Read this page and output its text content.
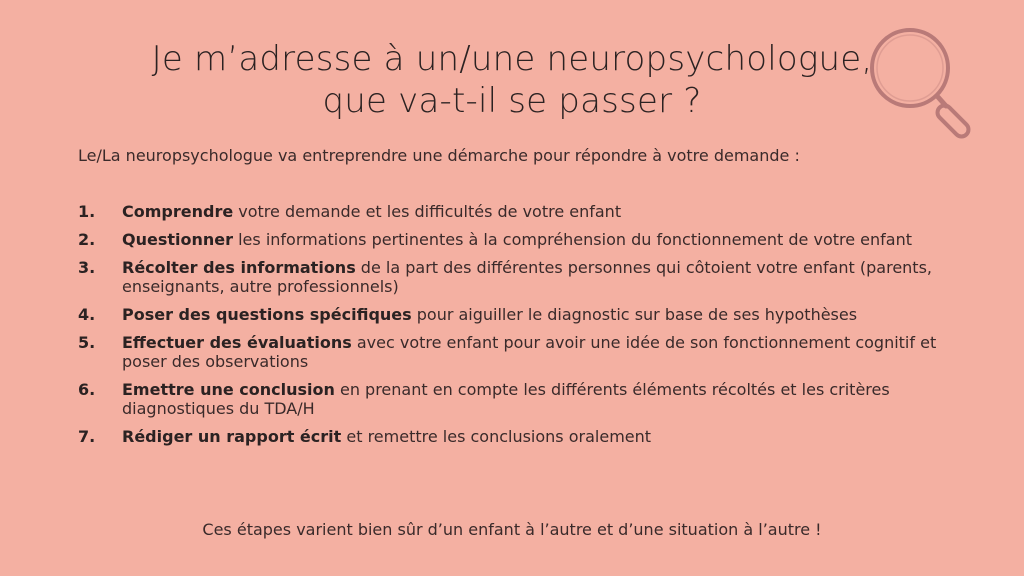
Je m’adresse à un/une neuropsychologue,
que va-t-il se passer ?
Le/La neuropsychologue va entreprendre une démarche pour répondre à votre demande :
1.	Comprendre votre demande et les difficultés de votre enfant
2.	Questionner les informations pertinentes à la compréhension du fonctionnement de votre enfant
3.	Récolter des informations de la part des différentes personnes qui côtoient votre enfant (parents, enseignants, autre professionnels)
4.	Poser des questions spécifiques pour aiguiller le diagnostic sur base de ses hypothèses
5.	Effectuer des évaluations avec votre enfant pour avoir une idée de son fonctionnement cognitif et poser des observations
6.	Emettre une conclusion en prenant en compte les différents éléments récoltés et les critères diagnostiques du TDA/H
7.	Rédiger un rapport écrit et remettre les conclusions oralement
Ces étapes varient bien sûr d’un enfant à l’autre et d’une situation à l’autre !
